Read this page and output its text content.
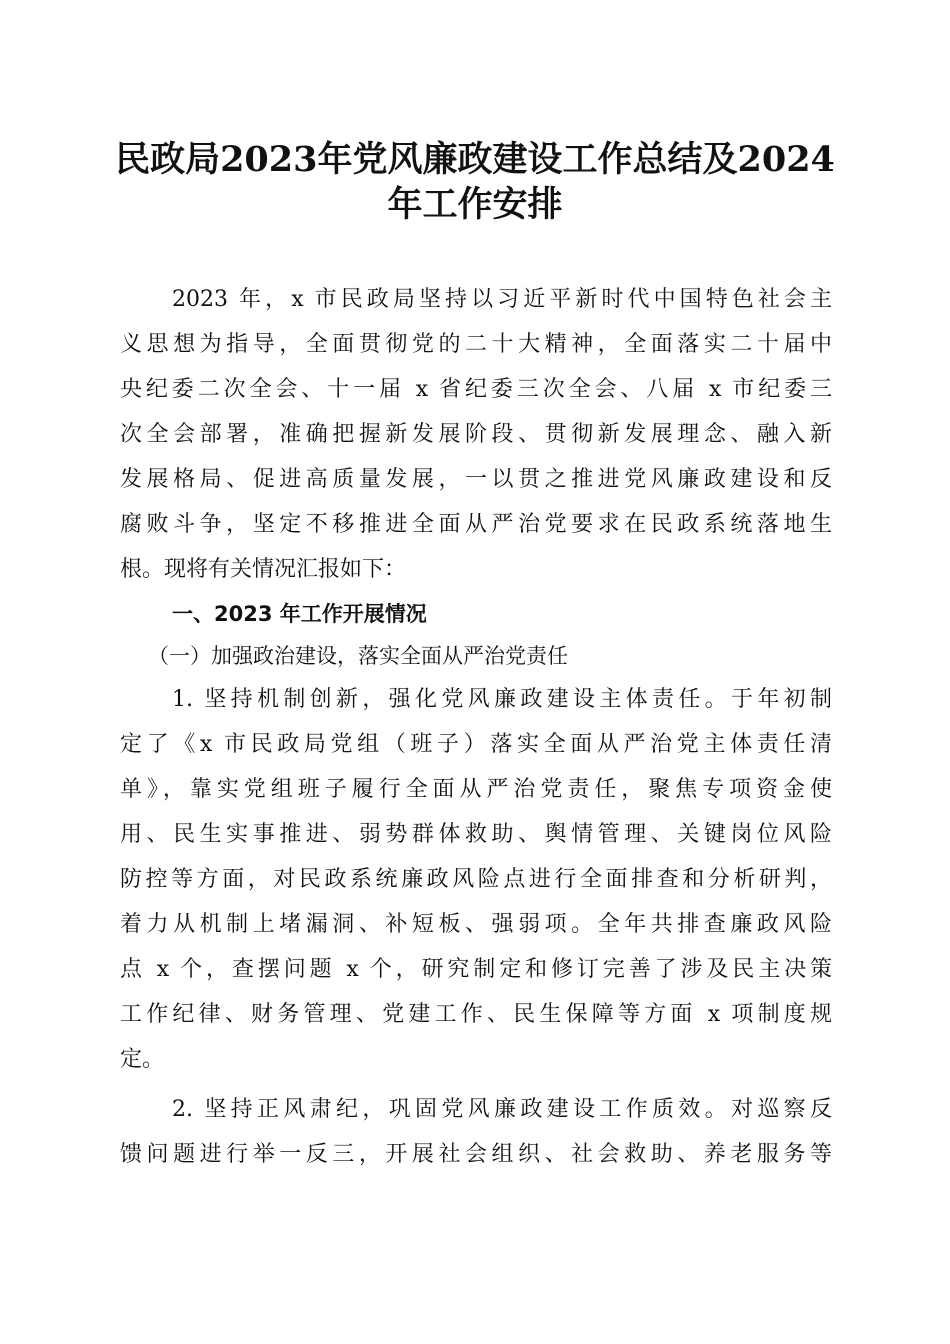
民政局2023年党风廉政建设工作总结及2024
年工作安排
2023 年，x 市民政局坚持以习近平新时代中国特色社会主
义思想为指导，全面贯彻党的二十大精神，全面落实二十届中
央纪委二次全会、十一届 x 省纪委三次全会、八届 x 市纪委三
次全会部署，准确把握新发展阶段、贯彻新发展理念、融入新
发展格局、促进高质量发展，一以贯之推进党风廉政建设和反
腐败斗争，坚定不移推进全面从严治党要求在民政系统落地生
根。现将有关情况汇报如下：
一、2023 年工作开展情况
（一）加强政治建设，落实全面从严治党责任
1. 坚持机制创新，强化党风廉政建设主体责任。于年初制
定了《x 市民政局党组（班子）落实全面从严治党主体责任清
单》，靠实党组班子履行全面从严治党责任，聚焦专项资金使
用、民生实事推进、弱势群体救助、舆情管理、关键岗位风险
防控等方面，对民政系统廉政风险点进行全面排查和分析研判，
着力从机制上堵漏洞、补短板、强弱项。全年共排查廉政风险
点 x 个，查摆问题 x 个，研究制定和修订完善了涉及民主决策
工作纪律、财务管理、党建工作、民生保障等方面 x 项制度规
定。
2. 坚持正风肃纪，巩固党风廉政建设工作质效。对巡察反
馈问题进行举一反三，开展社会组织、社会救助、养老服务等
